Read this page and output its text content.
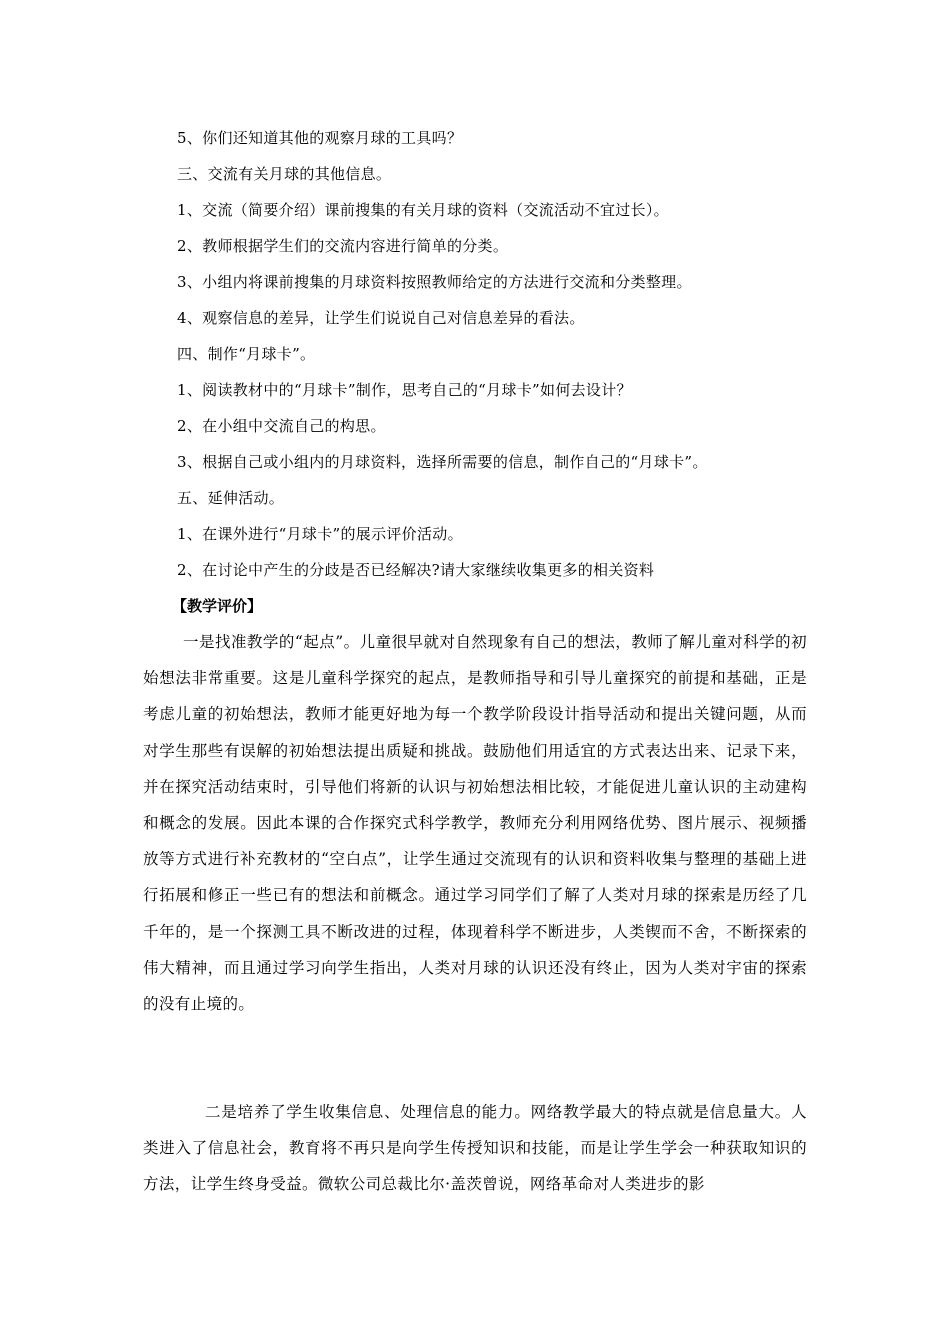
5、你们还知道其他的观察月球的工具吗？
三、交流有关月球的其他信息。
1、交流（简要介绍）课前搜集的有关月球的资料（交流活动不宜过长）。
2、教师根据学生们的交流内容进行简单的分类。
3、小组内将课前搜集的月球资料按照教师给定的方法进行交流和分类整理。
4、观察信息的差异，让学生们说说自己对信息差异的看法。
四、制作“月球卡”。
1、阅读教材中的“月球卡”制作，思考自己的“月球卡”如何去设计？
2、在小组中交流自己的构思。
3、根据自己或小组内的月球资料，选择所需要的信息，制作自己的“月球卡”。
五、延伸活动。
1、在课外进行“月球卡”的展示评价活动。
2、在讨论中产生的分歧是否已经解决?请大家继续收集更多的相关资料
【教学评价】

一是找准教学的“起点”。儿童很早就对自然现象有自己的想法，教师了解儿童对科学的初始想法非常重要。这是儿童科学探究的起点，是教师指导和引导儿童探究的前提和基础，正是考虑儿童的初始想法，教师才能更好地为每一个教学阶段设计指导活动和提出关键问题，从而对学生那些有误解的初始想法提出质疑和挑战。鼓励他们用适宜的方式表达出来、记录下来，并在探究活动结束时，引导他们将新的认识与初始想法相比较，才能促进儿童认识的主动建构和概念的发展。因此本课的合作探究式科学教学，教师充分利用网络优势、图片展示、视频播放等方式进行补充教材的“空白点”，让学生通过交流现有的认识和资料收集与整理的基础上进行拓展和修正一些已有的想法和前概念。通过学习同学们了解了人类对月球的探索是历经了几千年的，是一个探测工具不断改进的过程，体现着科学不断进步，人类锲而不舍，不断探索的伟大精神，而且通过学习向学生指出，人类对月球的认识还没有终止，因为人类对宇宙的探索的没有止境的。

二是培养了学生收集信息、处理信息的能力。网络教学最大的特点就是信息量大。人类进入了信息社会，教育将不再只是向学生传授知识和技能，而是让学生学会一种获取知识的方法，让学生终身受益。微软公司总裁比尔·盖茨曾说，网络革命对人类进步的影
